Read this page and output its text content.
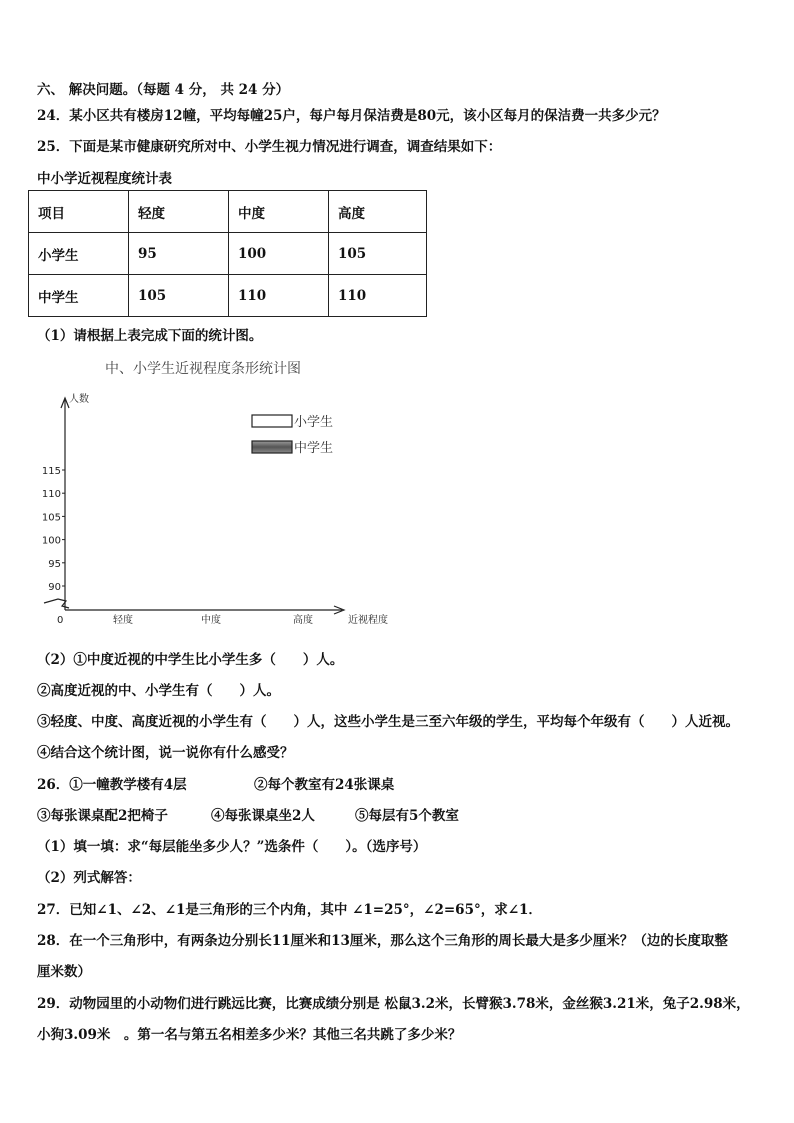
六、 解决问题。（每题 4 分， 共 24 分）
24．某小区共有楼房12幢，平均每幢25户，每户每月保洁费是80元，该小区每月的保洁费一共多少元？
25．下面是某市健康研究所对中、小学生视力情况进行调查，调查结果如下：
中小学近视程度统计表
项目	轻度	中度	高度
小学生	95	100	105
中学生	105	110	110
（1）请根据上表完成下面的统计图。
中、小学生近视程度条形统计图
人数
近视程度
0
90
95
100
105
110
115
轻度	中度	高度
小学生
中学生
（2）①中度近视的中学生比小学生多（　　）人。
②高度近视的中、小学生有（　　）人。
③轻度、中度、高度近视的小学生有（　　）人，这些小学生是三至六年级的学生，平均每个年级有（　　）人近视。
④结合这个统计图，说一说你有什么感受？
26．①一幢教学楼有4层	②每个教室有24张课桌
③每张课桌配2把椅子	④每张课桌坐2人	⑤每层有5个教室
（1）填一填：求“每层能坐多少人？”选条件（　　）。（选序号）
（2）列式解答：
27．已知∠1、∠2、∠1是三角形的三个内角，其中 ∠1=25°，∠2=65°，求∠1．
28．在一个三角形中，有两条边分别长11厘米和13厘米，那么这个三角形的周长最大是多少厘米？（边的长度取整
厘米数）
29．动物园里的小动物们进行跳远比赛，比赛成绩分别是 松鼠3.2米，长臂猴3.78米，金丝猴3.21米，兔子2.98米，
小狗3.09米　。第一名与第五名相差多少米？其他三名共跳了多少米？
